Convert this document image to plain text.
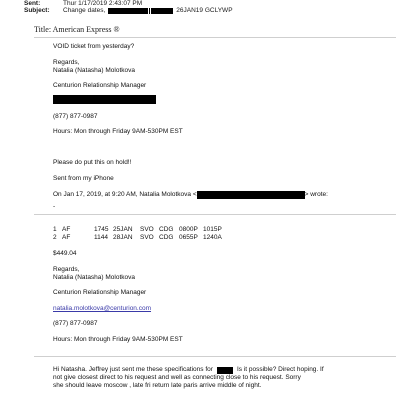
Sent:	Thur 1/17/2019 2:43:07 PM
Subject: Change dates,	26JAN19 GCLYWP
Title: American Express ®
VOID ticket from yesterday?
Regards,
Natalia (Natasha) Molotkova
Centurion Relationship Manager
(877) 877-0987
Hours: Mon through Friday 9AM-530PM EST
Please do put this on hold!!
Sent from my iPhone
On Jan 17, 2019, at 9:20 AM, Natalia Molotkova <	> wrote:
-
1 AF	1745 25JAN	SVO CDG 0800P 1015P
2 AF	1144 28JAN	SVO CDG 0655P 1240A
$449.04
Regards,
Natalia (Natasha) Molotkova
Centurion Relationship Manager
natalia.molotkova@centurion.com
(877) 877-0987
Hours: Mon through Friday 9AM-530PM EST
Hi Natasha. Jeffrey just sent me these specifications for	Is it possible? Direct hoping. If
not give closest direct to his request and well as connecting close to his request. Sorry
she should leave moscow , late fri return late paris arrive middle of night.
